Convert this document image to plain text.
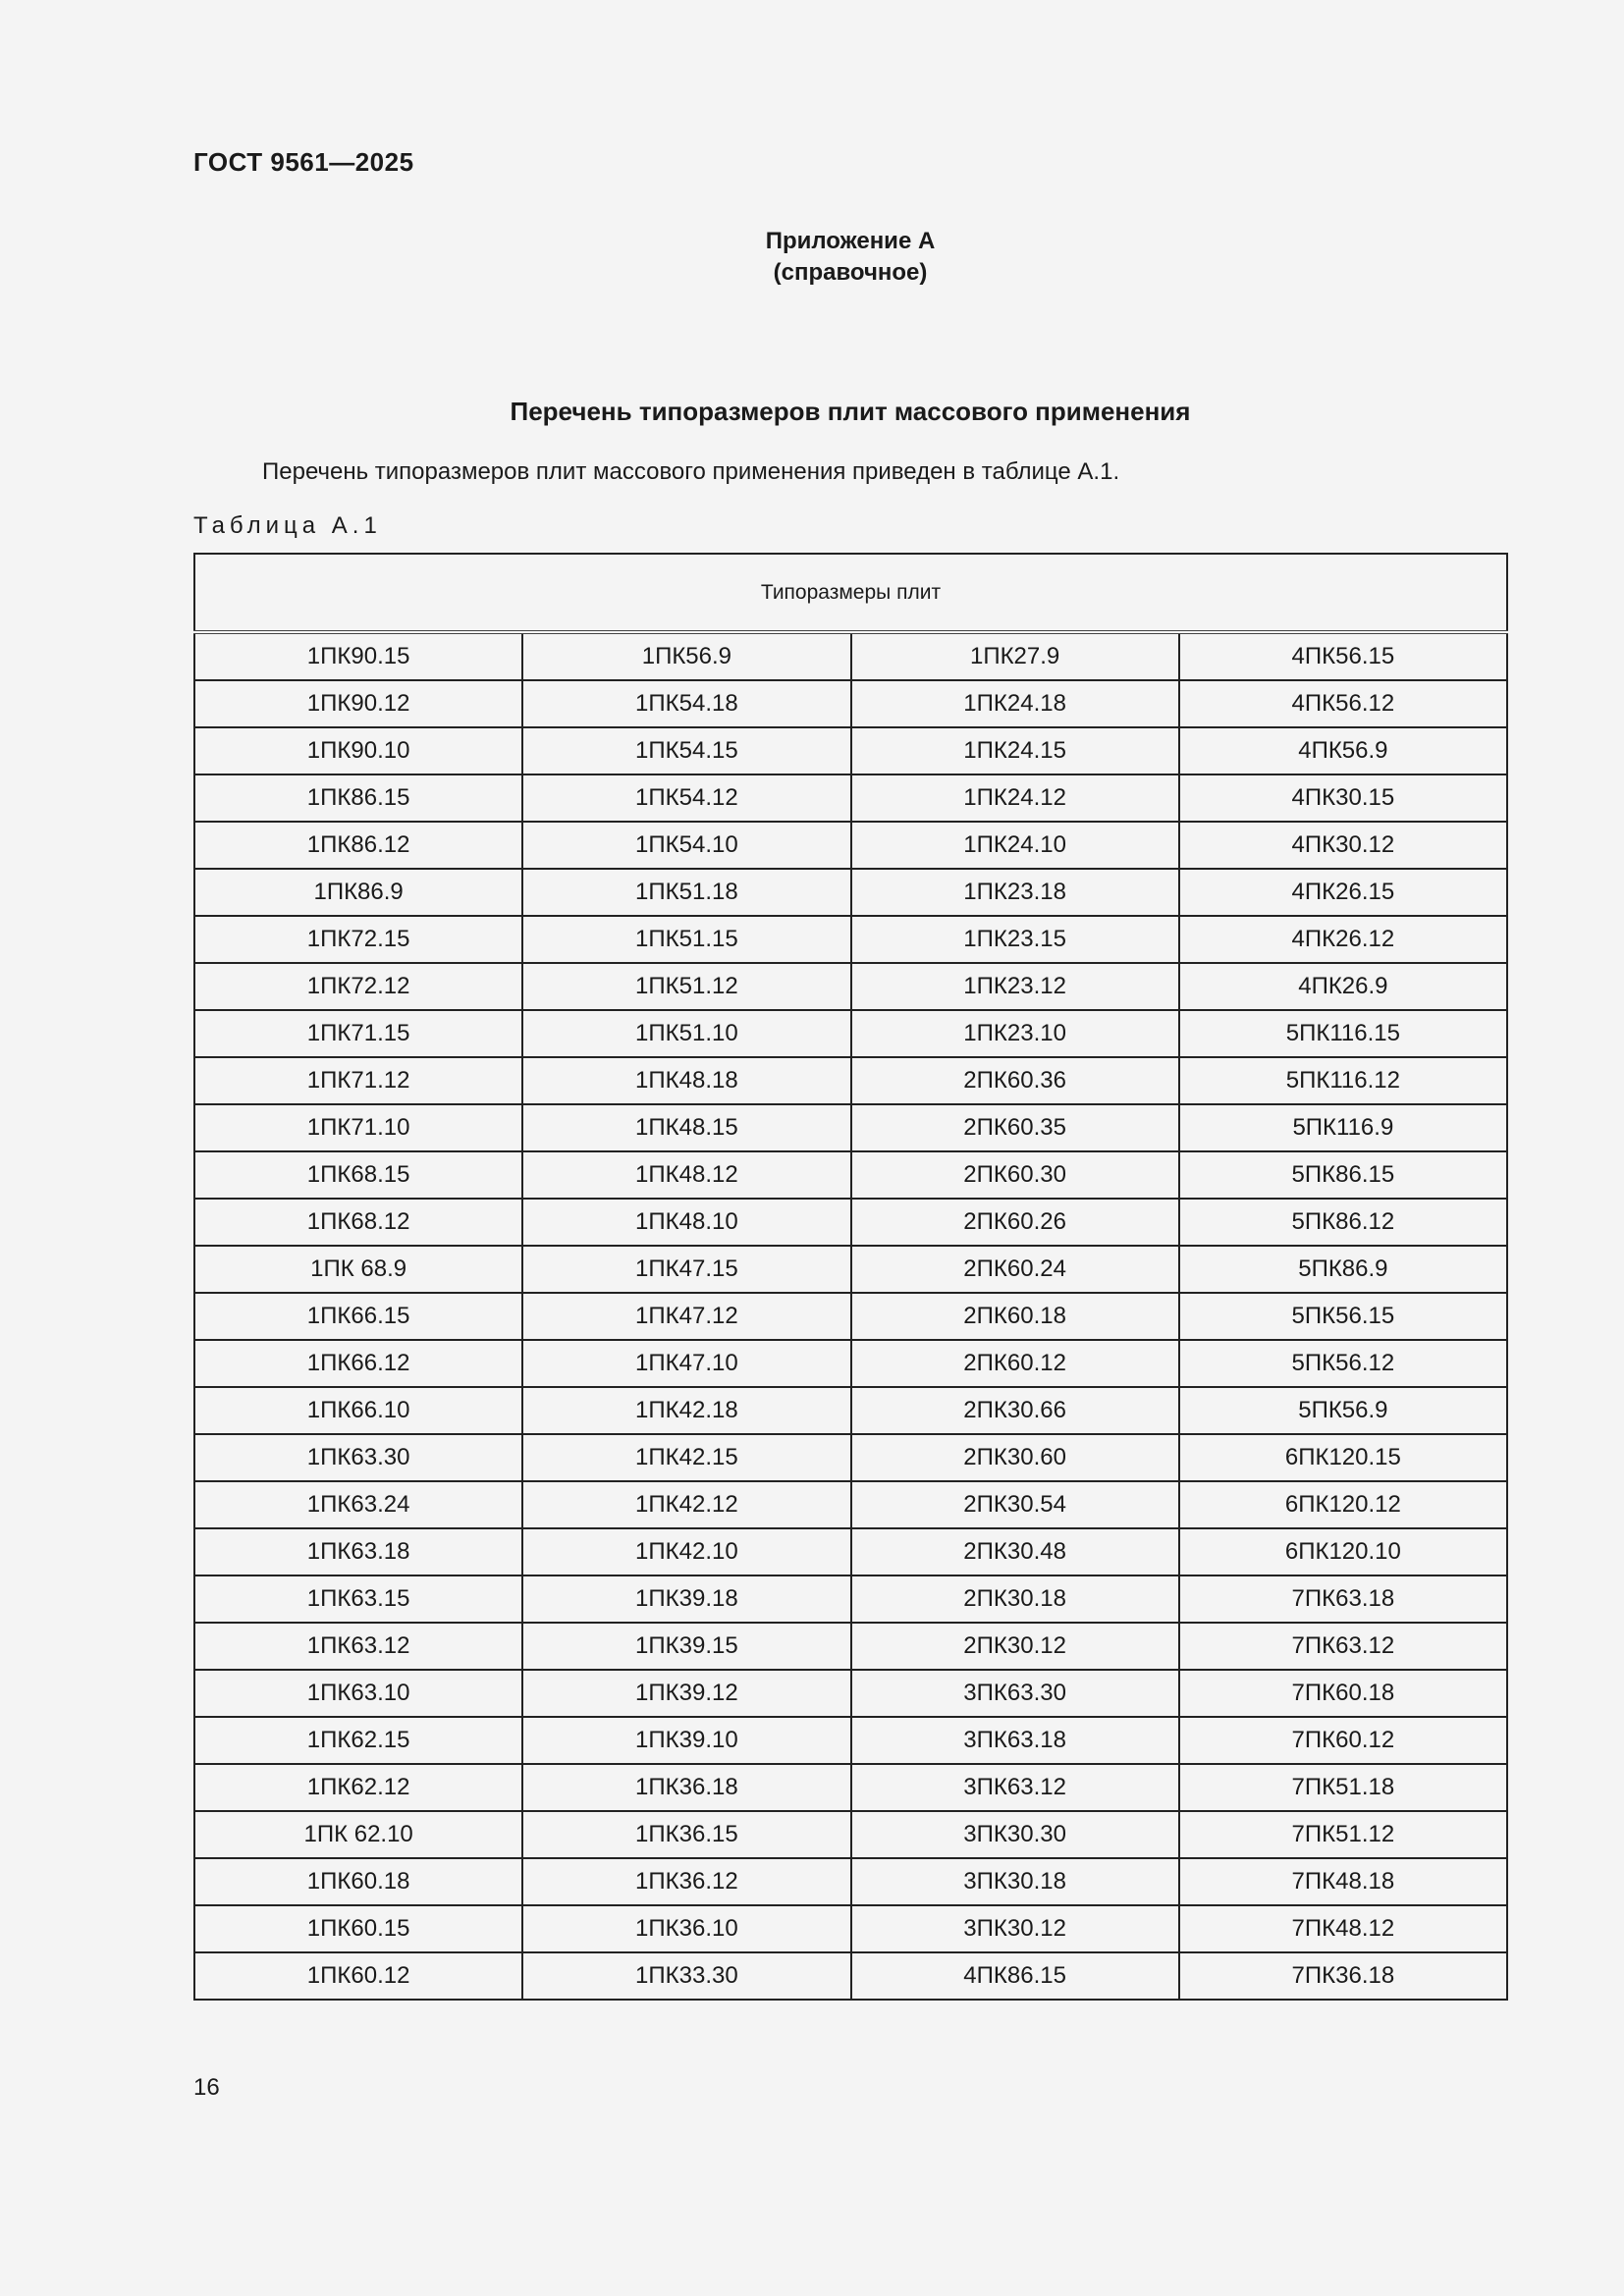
ГОСТ 9561—2025
Приложение А
(справочное)
Перечень типоразмеров плит массового применения
Перечень типоразмеров плит массового применения приведен в таблице А.1.
Таблица А.1
Типоразмеры плит			
1ПК90.15	1ПК56.9	1ПК27.9	4ПК56.15
1ПК90.12	1ПК54.18	1ПК24.18	4ПК56.12
1ПК90.10	1ПК54.15	1ПК24.15	4ПК56.9
1ПК86.15	1ПК54.12	1ПК24.12	4ПК30.15
1ПК86.12	1ПК54.10	1ПК24.10	4ПК30.12
1ПК86.9	1ПК51.18	1ПК23.18	4ПК26.15
1ПК72.15	1ПК51.15	1ПК23.15	4ПК26.12
1ПК72.12	1ПК51.12	1ПК23.12	4ПК26.9
1ПК71.15	1ПК51.10	1ПК23.10	5ПК116.15
1ПК71.12	1ПК48.18	2ПК60.36	5ПК116.12
1ПК71.10	1ПК48.15	2ПК60.35	5ПК116.9
1ПК68.15	1ПК48.12	2ПК60.30	5ПК86.15
1ПК68.12	1ПК48.10	2ПК60.26	5ПК86.12
1ПК 68.9	1ПК47.15	2ПК60.24	5ПК86.9
1ПК66.15	1ПК47.12	2ПК60.18	5ПК56.15
1ПК66.12	1ПК47.10	2ПК60.12	5ПК56.12
1ПК66.10	1ПК42.18	2ПК30.66	5ПК56.9
1ПК63.30	1ПК42.15	2ПК30.60	6ПК120.15
1ПК63.24	1ПК42.12	2ПК30.54	6ПК120.12
1ПК63.18	1ПК42.10	2ПК30.48	6ПК120.10
1ПК63.15	1ПК39.18	2ПК30.18	7ПК63.18
1ПК63.12	1ПК39.15	2ПК30.12	7ПК63.12
1ПК63.10	1ПК39.12	3ПК63.30	7ПК60.18
1ПК62.15	1ПК39.10	3ПК63.18	7ПК60.12
1ПК62.12	1ПК36.18	3ПК63.12	7ПК51.18
1ПК 62.10	1ПК36.15	3ПК30.30	7ПК51.12
1ПК60.18	1ПК36.12	3ПК30.18	7ПК48.18
1ПК60.15	1ПК36.10	3ПК30.12	7ПК48.12
1ПК60.12	1ПК33.30	4ПК86.15	7ПК36.18
16
